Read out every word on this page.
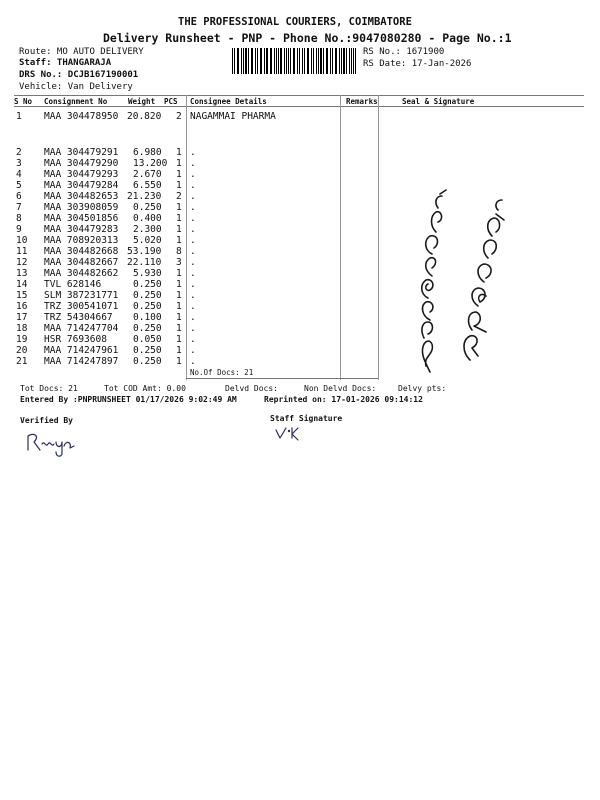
THE PROFESSIONAL COURIERS, COIMBATORE
Delivery Runsheet - PNP - Phone No.:9047080280 - Page No.:1
Route: MO AUTO DELIVERY
Staff: THANGARAJA
DRS No.: DCJB167190001
Vehicle: Van Delivery
RS No.: 1671900
RS Date: 17-Jan-2026
S No Consignment No	Weight PCS Consignee Details	Remarks	Seal & Signature
1 MAA 304478950 20.820 2 NAGAMMAI PHARMA
2 MAA 304479291 6.980 1 .
3 MAA 304479290 13.200 1 .
4 MAA 304479293 2.670 1 .
5 MAA 304479284 6.550 1 .
6 MAA 304482653 21.230 2 .
7 MAA 303908059 0.250 1 .
8 MAA 304501856 0.400 1 .
9 MAA 304479283 2.300 1 .
10 MAA 708920313 5.020 1 .
11 MAA 304482668 53.190 8 .
12 MAA 304482667 22.110 3 .
13 MAA 304482662 5.930 1 .
14 TVL 628146	0.250 1 .
15 SLM 387231771 0.250 1 .
16 TRZ 300541071 0.250 1 .
17 TRZ 54304667 0.100 1 .
18 MAA 714247704 0.250 1 .
19 HSR 7693608	0.050 1 .
20 MAA 714247961 0.250 1 .
21 MAA 714247897 0.250 1 .
No.Of Docs: 21
Tot Docs: 21	Tot COD Amt: 0.00	Delvd Docs:	Non Delvd Docs:	Delvy pts:
Entered By :PNPRUNSHEET 01/17/2026 9:02:49 AM	Reprinted on: 17-01-2026 09:14:12
Verified By	Staff Signature
